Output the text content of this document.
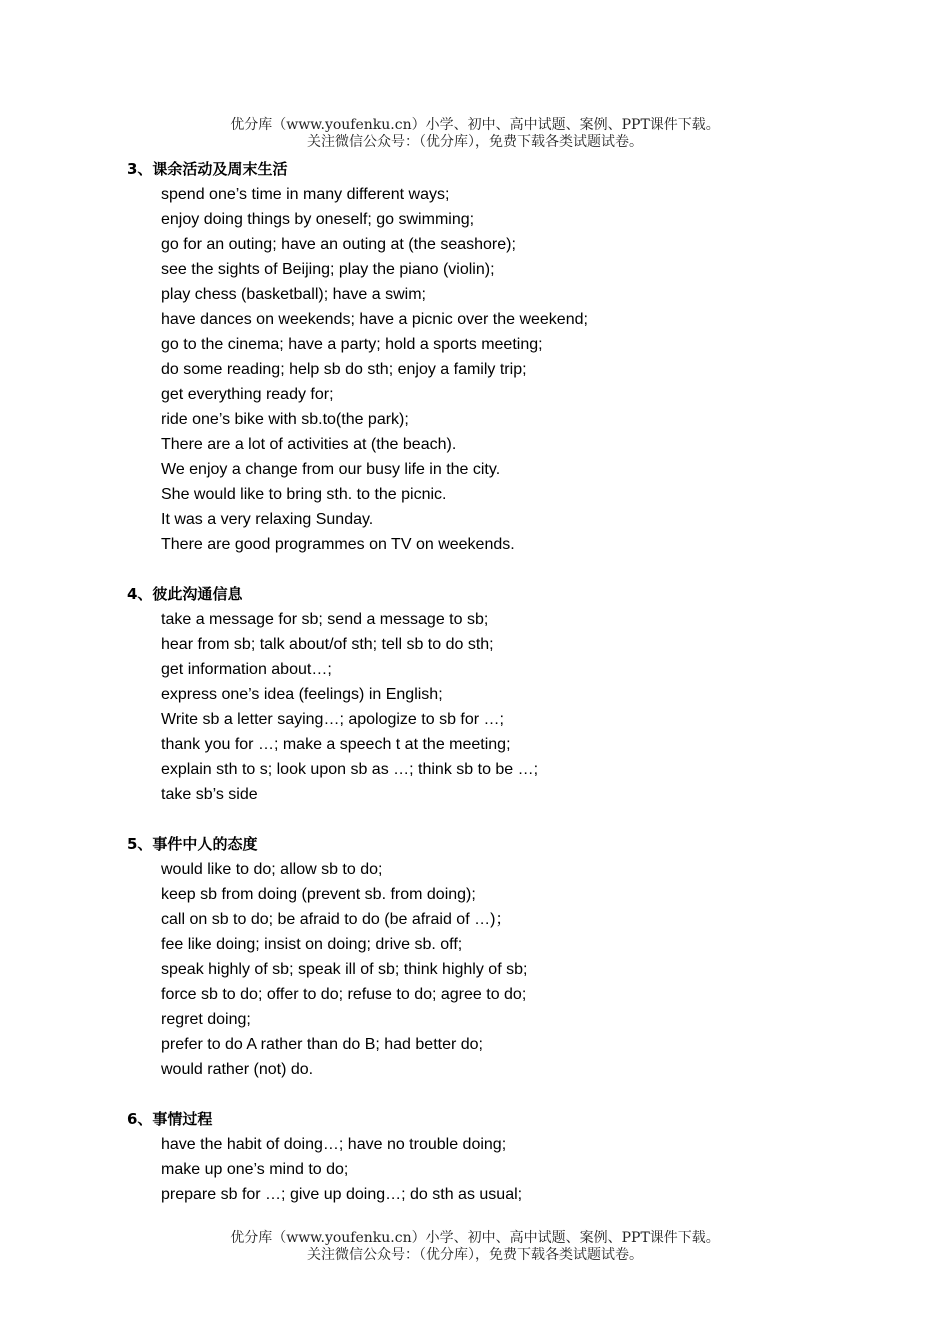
优分库（www.youfenku.cn）小学、初中、高中试题、案例、PPT课件下载。
关注微信公众号：（优分库），免费下载各类试题试卷。
3、课余活动及周末生活
spend one’s time in many different ways;
enjoy doing things by oneself; go swimming;
go for an outing; have an outing at (the seashore);
see the sights of Beijing; play the piano (violin);
play chess (basketball); have a swim;
have dances on weekends; have a picnic over the weekend;
go to the cinema; have a party; hold a sports meeting;
do some reading; help sb do sth; enjoy a family trip;
get everything ready for;
ride one’s bike with sb.to(the park);
There are a lot of activities at (the beach).
We enjoy a change from our busy life in the city.
She would like to bring sth. to the picnic.
It was a very relaxing Sunday.
There are good programmes on TV on weekends.
4、彼此沟通信息
take a message for sb; send a message to sb;
hear from sb; talk about/of sth; tell sb to do sth;
get information about…;
express one’s idea (feelings) in English;
Write sb a letter saying…; apologize to sb for …;
thank you for …; make a speech t at the meeting;
explain sth to s; look upon sb as …; think sb to be …;
take sb’s side
5、事件中人的态度
would like to do; allow sb to do;
keep sb from doing (prevent sb. from doing);
call on sb to do; be afraid to do (be afraid of …)；
fee like doing; insist on doing; drive sb. off;
speak highly of sb; speak ill of sb; think highly of sb;
force sb to do; offer to do; refuse to do; agree to do;
regret doing;
prefer to do A rather than do B; had better do;
would rather (not) do.
6、事情过程
have the habit of doing…; have no trouble doing;
make up one’s mind to do;
prepare sb for …; give up doing…; do sth as usual;
优分库（www.youfenku.cn）小学、初中、高中试题、案例、PPT课件下载。
关注微信公众号：（优分库），免费下载各类试题试卷。
